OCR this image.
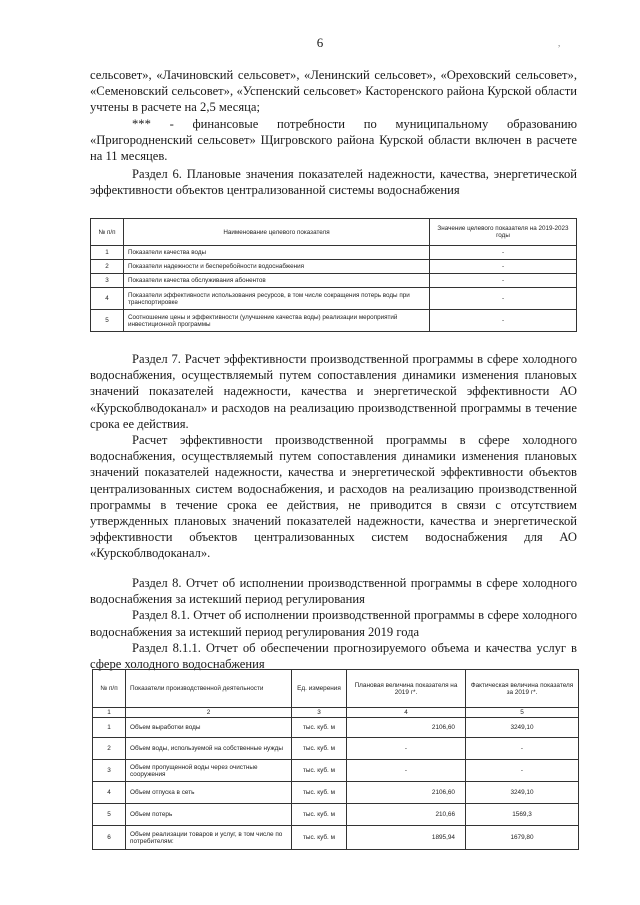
6	,

сельсовет», «Лачиновский сельсовет», «Ленинский сельсовет», «Ореховский сельсовет», «Семеновский сельсовет», «Успенский сельсовет» Касторенского района Курской области учтены в расчете на 2,5 месяца;

*** - финансовые потребности по муниципальному образованию «Пригородненский сельсовет» Щигровского района Курской области включен в расчете на 11 месяцев.

Раздел 6. Плановые значения показателей надежности, качества, энергетической эффективности объектов централизованной системы водоснабжения
№ п/п	Наименование целевого показателя	Значение целевого показателя на 2019-2023 годы
1	Показатели качества воды	-
2	Показатели надежности и бесперебойности водоснабжения	-
3	Показатели качества обслуживания абонентов	-
4	Показатели эффективности использования ресурсов, в том числе сокращения потерь воды при транспортировке	-
5	Соотношение цены и эффективности (улучшение качества воды) реализации мероприятий инвестиционной программы	-

Раздел 7. Расчет эффективности производственной программы в сфере холодного водоснабжения, осуществляемый путем сопоставления динамики изменения плановых значений показателей надежности, качества и энергетической эффективности АО «Курскоблводоканал» и расходов на реализацию производственной программы в течение срока ее действия.

Расчет эффективности производственной программы в сфере холодного водоснабжения, осуществляемый путем сопоставления динамики изменения плановых значений показателей надежности, качества и энергетической эффективности объектов централизованных систем водоснабжения, и расходов на реализацию производственной программы в течение срока ее действия, не приводится в связи с отсутствием утвержденных плановых значений показателей надежности, качества и энергетической эффективности объектов централизованных систем водоснабжения для АО «Курскоблводоканал».

Раздел 8. Отчет об исполнении производственной программы в сфере холодного водоснабжения за истекший период регулирования

Раздел 8.1. Отчет об исполнении производственной программы в сфере холодного водоснабжения за истекший период регулирования 2019 года

Раздел 8.1.1. Отчет об обеспечении прогнозируемого объема и качества услуг в сфере холодного водоснабжения

№ п/п	Показатели производственной деятельности	Ед. измерения	Плановая величина показателя на 2019 г*.	Фактическая величина показателя за 2019 г*.
1	2	3	4	5
1	Объем выработки воды	тыс. куб. м	2106,60	3249,10
2	Объем воды, используемой на собственные нужды	тыс. куб. м	-	-
3	Объем пропущенной воды через очистные сооружения	тыс. куб. м	-	-
4	Объем отпуска в сеть	тыс. куб. м	2106,60	3249,10
5	Объем потерь	тыс. куб. м	210,66	1569,3
6	Объем реализации товаров и услуг, в том числе по потребителям:	тыс. куб. м	1895,94	1679,80
